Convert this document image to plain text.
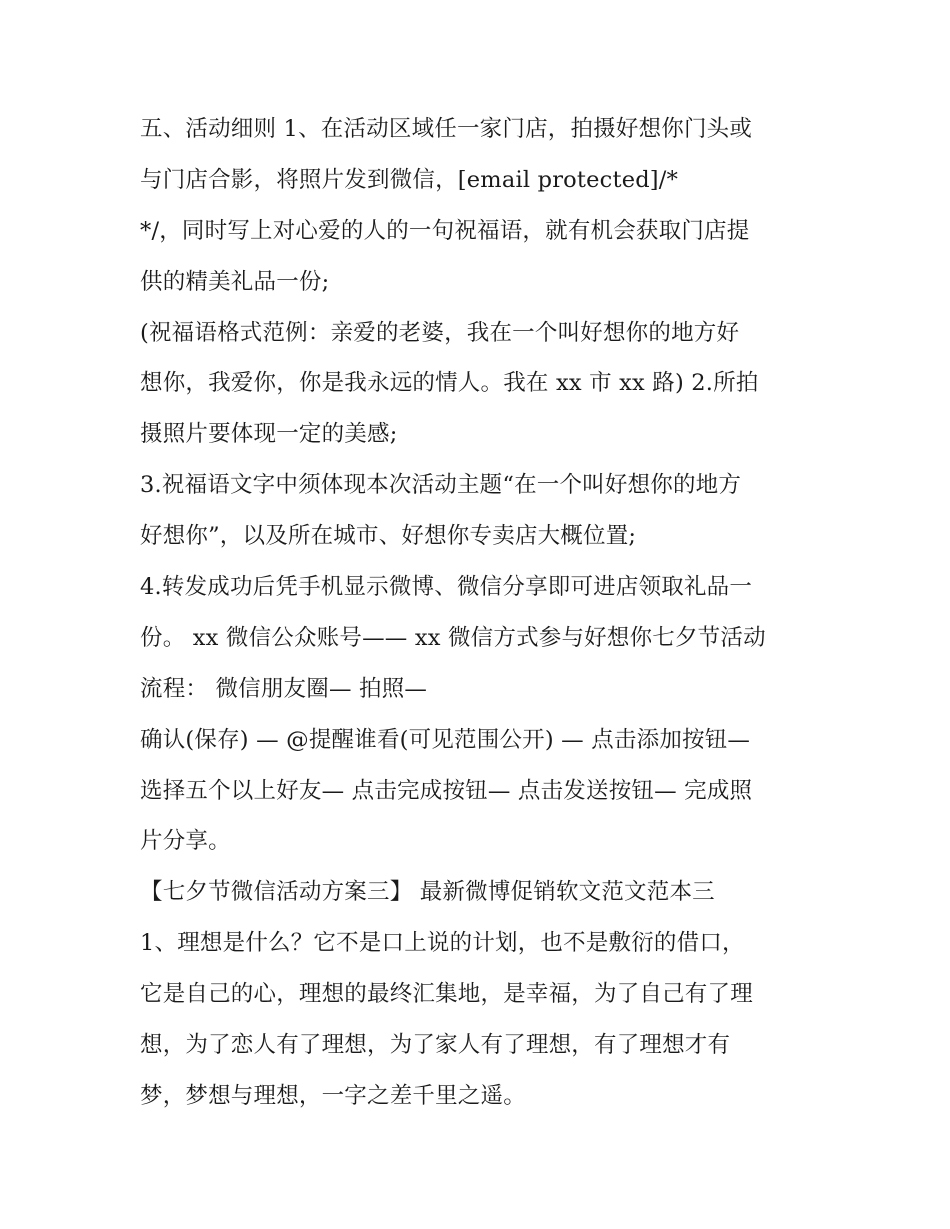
五、活动细则 1、在活动区域任一家门店，拍摄好想你门头或
与门店合影，将照片发到微信，[email protected]/*
*/，同时写上对心爱的人的一句祝福语，就有机会获取门店提
供的精美礼品一份;
(祝福语格式范例：亲爱的老婆，我在一个叫好想你的地方好
想你，我爱你，你是我永远的情人。我在 xx 市 xx 路) 2.所拍
摄照片要体现一定的美感;
3.祝福语文字中须体现本次活动主题“在一个叫好想你的地方
好想你”，以及所在城市、好想你专卖店大概位置;
4.转发成功后凭手机显示微博、微信分享即可进店领取礼品一
份。 xx 微信公众账号—— xx 微信方式参与好想你七夕节活动
流程： 微信朋友圈— 拍照—
确认(保存) — @提醒谁看(可见范围公开) — 点击添加按钮—
选择五个以上好友— 点击完成按钮— 点击发送按钮— 完成照
片分享。
【七夕节微信活动方案三】 最新微博促销软文范文范本三
1、理想是什么？它不是口上说的计划，也不是敷衍的借口，
它是自己的心，理想的最终汇集地，是幸福，为了自己有了理
想，为了恋人有了理想，为了家人有了理想，有了理想才有
梦，梦想与理想，一字之差千里之遥。
